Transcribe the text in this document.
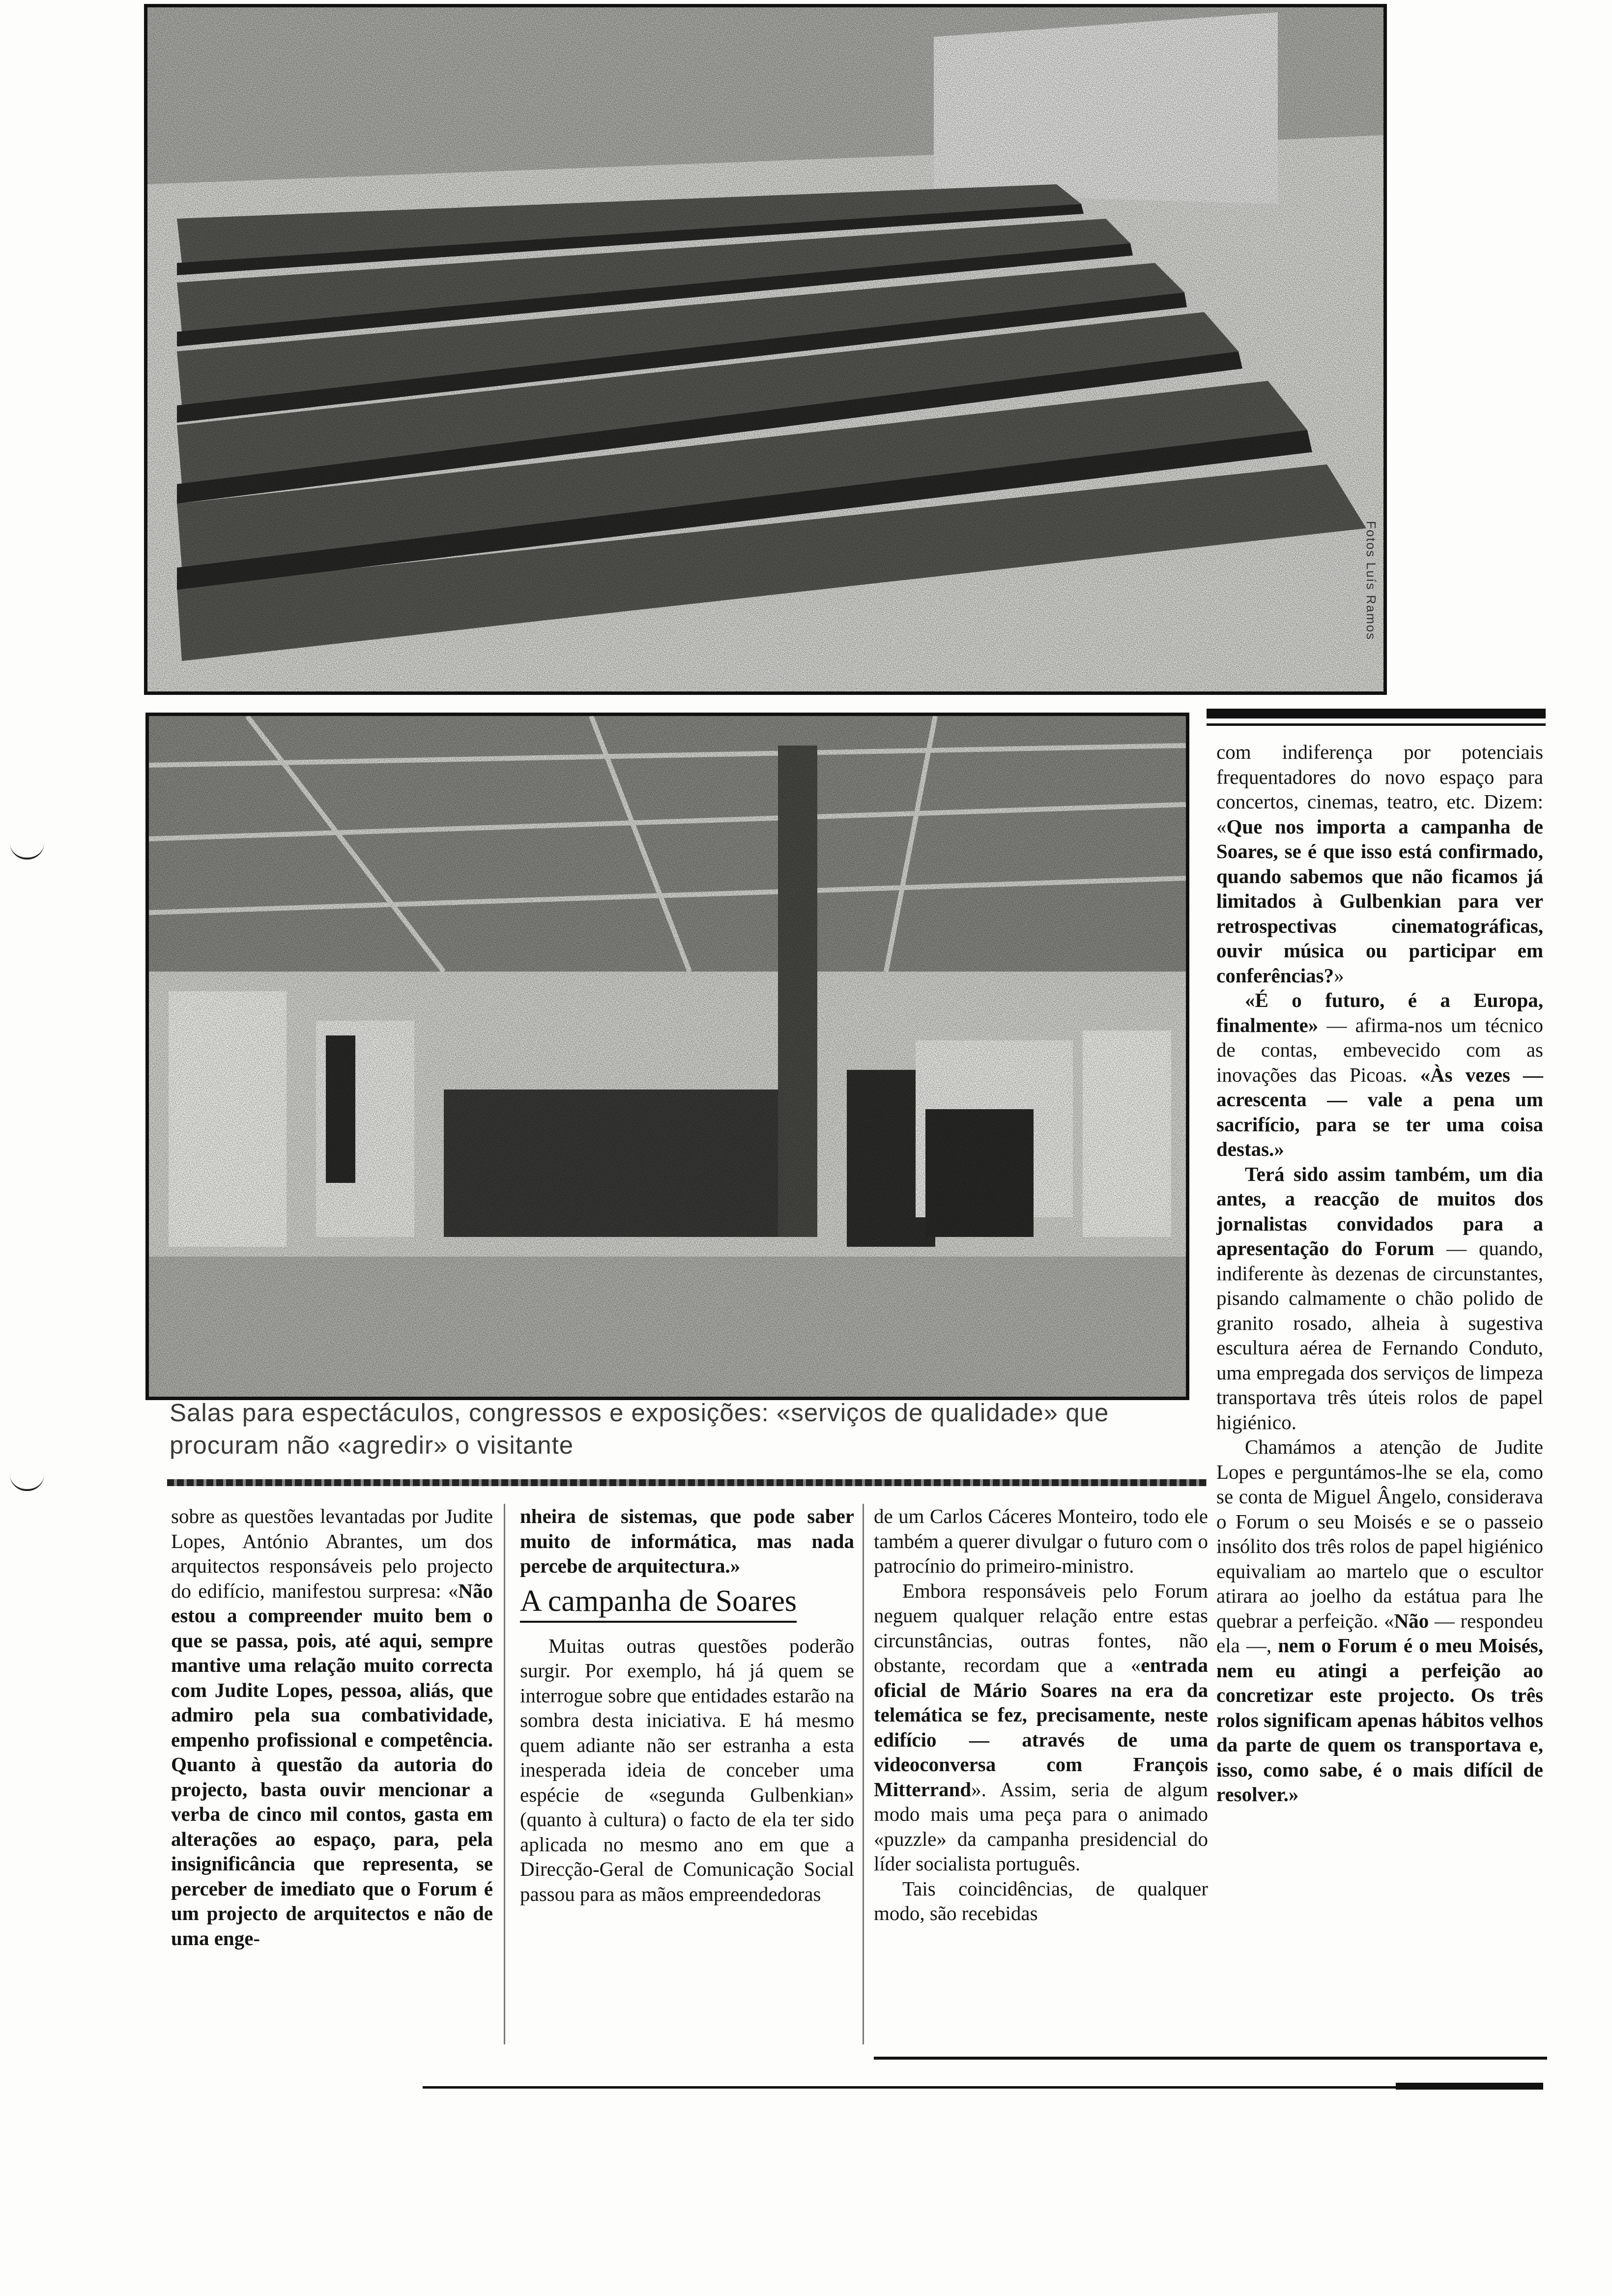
Fotos Luís Ramos
Salas para espectáculos, congressos e exposições: «serviços de qualidade» que procuram não «agredir» o visitante

sobre as questões levantadas por Judite Lopes, António Abrantes, um dos arquitectos responsáveis pelo projecto do edifício, manifestou surpresa: «Não estou a compreender muito bem o que se passa, pois, até aqui, sempre mantive uma relação muito correcta com Judite Lopes, pessoa, aliás, que admiro pela sua combatividade, empenho profissional e competência. Quanto à questão da autoria do projecto, basta ouvir mencionar a verba de cinco mil contos, gasta em alterações ao espaço, para, pela insignificância que representa, se perceber de imediato que o Forum é um projecto de arquitectos e não de uma enge-

nheira de sistemas, que pode saber muito de informática, mas nada percebe de arquitectura.»

A campanha de Soares

Muitas outras questões poderão surgir. Por exemplo, há já quem se interrogue sobre que entidades estarão na sombra desta iniciativa. E há mesmo quem adiante não ser estranha a esta inesperada ideia de conceber uma espécie de «segunda Gulbenkian» (quanto à cultura) o facto de ela ter sido aplicada no mesmo ano em que a Direcção-Geral de Comunicação Social passou para as mãos empreendedoras

de um Carlos Cáceres Monteiro, todo ele também a querer divulgar o futuro com o patrocínio do primeiro-ministro.

Embora responsáveis pelo Forum neguem qualquer relação entre estas circunstâncias, outras fontes, não obstante, recordam que a «entrada oficial de Mário Soares na era da telemática se fez, precisamente, neste edifício — através de uma videoconversa com François Mitterrand». Assim, seria de algum modo mais uma peça para o animado «puzzle» da campanha presidencial do líder socialista português.

Tais coincidências, de qualquer modo, são recebidas

com indiferença por potenciais frequentadores do novo espaço para concertos, cinemas, teatro, etc. Dizem: «Que nos importa a campanha de Soares, se é que isso está confirmado, quando sabemos que não ficamos já limitados à Gulbenkian para ver retrospectivas cinematográficas, ouvir música ou participar em conferências?»

«É o futuro, é a Europa, finalmente» — afirma-nos um técnico de contas, embevecido com as inovações das Picoas. «Às vezes — acrescenta — vale a pena um sacrifício, para se ter uma coisa destas.»

Terá sido assim também, um dia antes, a reacção de muitos dos jornalistas convidados para a apresentação do Forum — quando, indiferente às dezenas de circunstantes, pisando calmamente o chão polido de granito rosado, alheia à sugestiva escultura aérea de Fernando Conduto, uma empregada dos serviços de limpeza transportava três úteis rolos de papel higiénico.

Chamámos a atenção de Judite Lopes e perguntámos-lhe se ela, como se conta de Miguel Ângelo, considerava o Forum o seu Moisés e se o passeio insólito dos três rolos de papel higiénico equivaliam ao martelo que o escultor atirara ao joelho da estátua para lhe quebrar a perfeição. «Não — respondeu ela —, nem o Forum é o meu Moisés, nem eu atingi a perfeição ao concretizar este projecto. Os três rolos significam apenas hábitos velhos da parte de quem os transportava e, isso, como sabe, é o mais difícil de resolver.»
